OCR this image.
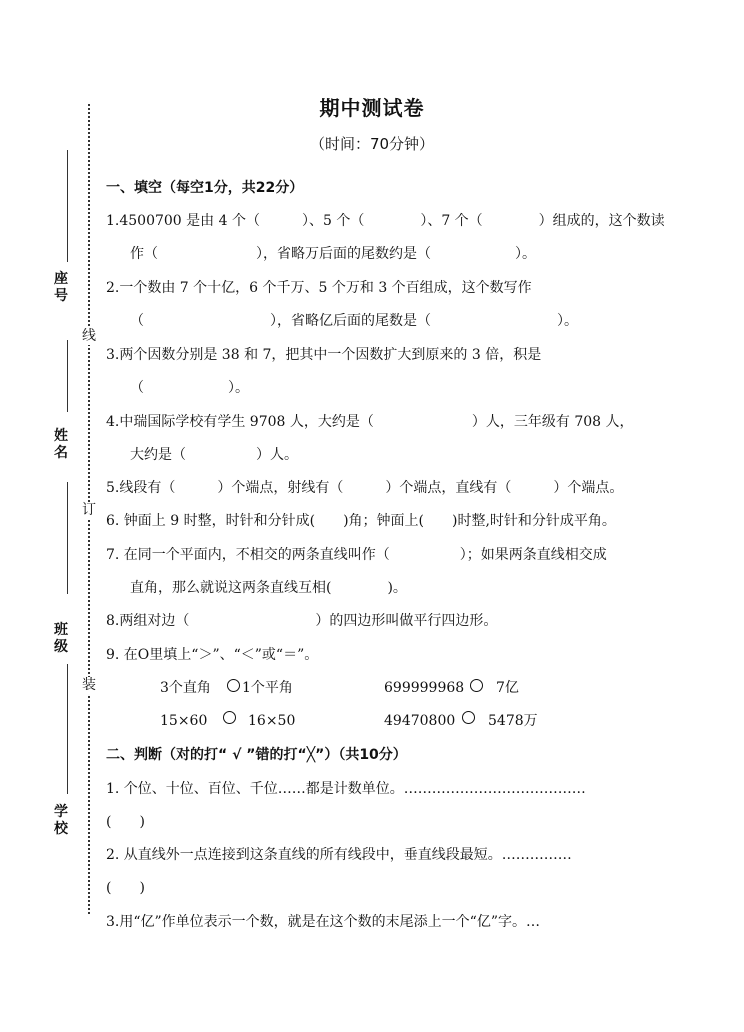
座号
姓名
班级
学校
线
订
装
期中测试卷
（时间：70分钟）
一、填空（每空1分，共22分）
1.4500700 是由 4 个（　　　）、5 个（　　　　）、7 个（　　　　）组成的，这个数读
作（　　　　　　　），省略万后面的尾数约是（　　　　　　）。
2.一个数由 7 个十亿，6 个千万、5 个万和 3 个百组成，这个数写作
（　　　　　　　　　），省略亿后面的尾数是（　　　　　　　　　）。
3.两个因数分别是 38 和 7，把其中一个因数扩大到原来的 3 倍，积是
（　　　　　　）。
4.中瑞国际学校有学生 9708 人，大约是（　　　　　　　）人，三年级有 708 人，
大约是（　　　　　）人。
5.线段有（　　　）个端点，射线有（　　　）个端点，直线有（　　　）个端点。
6. 钟面上 9 时整，时针和分针成(　　)角；钟面上(　　)时整,时针和分针成平角。
7. 在同一个平面内，不相交的两条直线叫作（　　　　　）；如果两条直线相交成
直角，那么就说这两条直线互相(　　　　)。
8.两组对边（　　　　　　　　　）的四边形叫做平行四边形。
9. 在O里填上“＞”、“＜”或“＝”。
3个直角 1个平角	699999968 7亿
15×60	16×50	49470800 5478万
二、判断（对的打“ √ ”错的打“╳”）（共10分）
1. 个位、十位、百位、千位……都是计数单位。…………………………………
(　　)
2. 从直线外一点连接到这条直线的所有线段中，垂直线段最短。……………
(　　)
3.用“亿”作单位表示一个数，就是在这个数的末尾添上一个“亿”字。…
